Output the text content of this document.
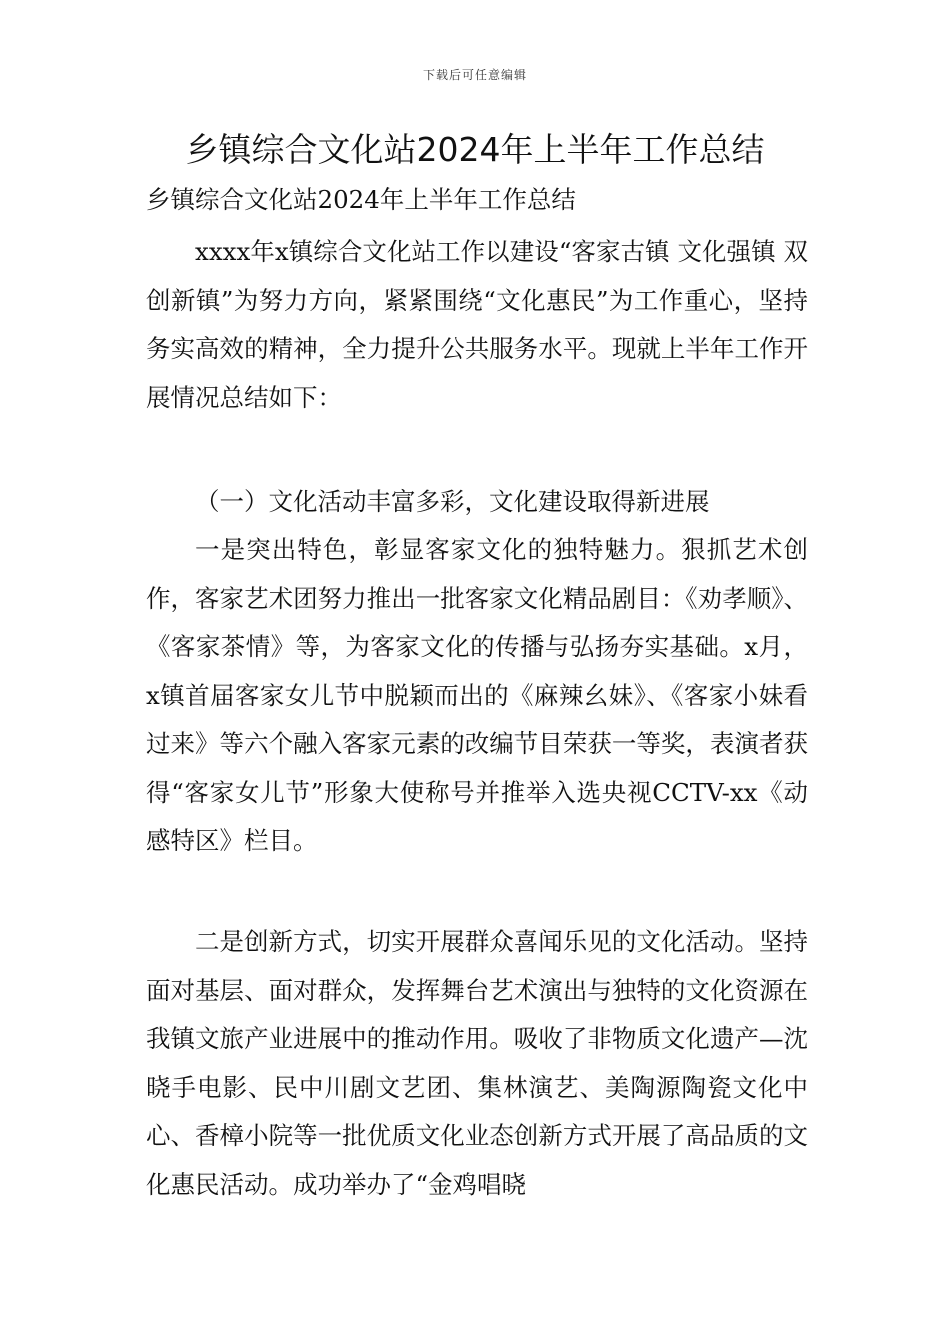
下载后可任意编辑
乡镇综合文化站2024年上半年工作总结

乡镇综合文化站2024年上半年工作总结

xxxx年x镇综合文化站工作以建设“客家古镇 文化强镇 双创新镇”为努力方向，紧紧围绕“文化惠民”为工作重心，坚持务实高效的精神，全力提升公共服务水平。现就上半年工作开展情况总结如下：

（一）文化活动丰富多彩，文化建设取得新进展

一是突出特色，彰显客家文化的独特魅力。狠抓艺术创作，客家艺术团努力推出一批客家文化精品剧目：《劝孝顺》、《客家茶情》等，为客家文化的传播与弘扬夯实基础。x月，x镇首届客家女儿节中脱颖而出的《麻辣幺妹》、《客家小妹看过来》等六个融入客家元素的改编节目荣获一等奖，表演者获得“客家女儿节”形象大使称号并推举入选央视CCTV-xx《动感特区》栏目。

二是创新方式，切实开展群众喜闻乐见的文化活动。坚持面对基层、面对群众，发挥舞台艺术演出与独特的文化资源在我镇文旅产业进展中的推动作用。吸收了非物质文化遗产—沈晓手电影、民中川剧文艺团、集林演艺、美陶源陶瓷文化中心、香樟小院等一批优质文化业态创新方式开展了高品质的文化惠民活动。成功举办了“金鸡唱晓
